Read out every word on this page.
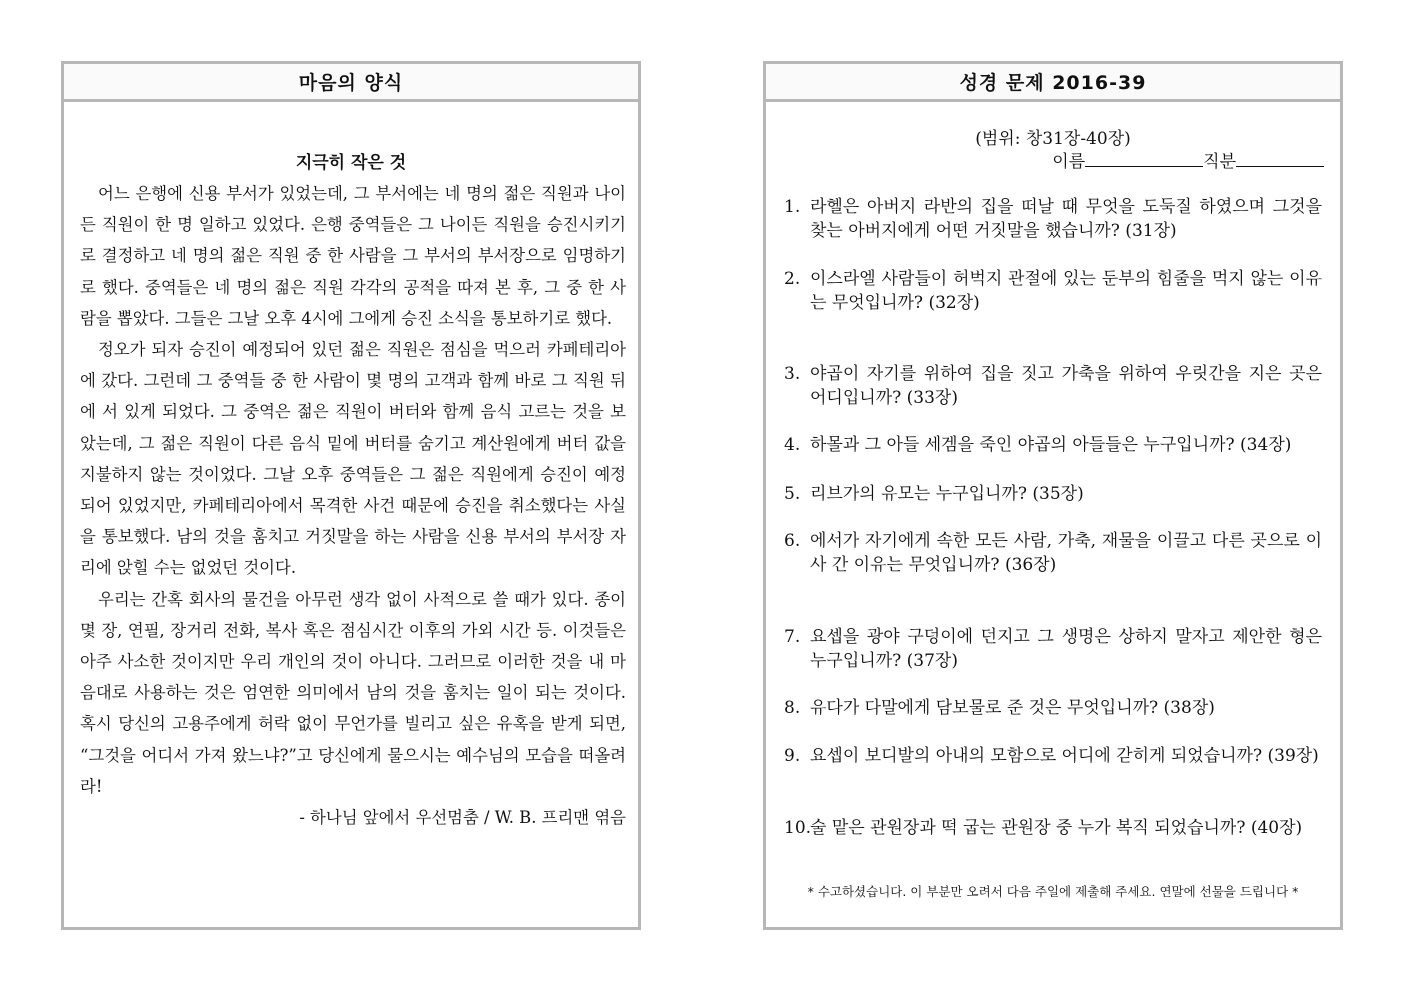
마음의 양식
지극히 작은 것

어느 은행에 신용 부서가 있었는데, 그 부서에는 네 명의 젊은 직원과 나이든 직원이 한 명 일하고 있었다. 은행 중역들은 그 나이든 직원을 승진시키기로 결정하고 네 명의 젊은 직원 중 한 사람을 그 부서의 부서장으로 임명하기로 했다. 중역들은 네 명의 젊은 직원 각각의 공적을 따져 본 후, 그 중 한 사람을 뽑았다. 그들은 그날 오후 4시에 그에게 승진 소식을 통보하기로 했다.

정오가 되자 승진이 예정되어 있던 젊은 직원은 점심을 먹으러 카페테리아에 갔다. 그런데 그 중역들 중 한 사람이 몇 명의 고객과 함께 바로 그 직원 뒤에 서 있게 되었다. 그 중역은 젊은 직원이 버터와 함께 음식 고르는 것을 보았는데, 그 젊은 직원이 다른 음식 밑에 버터를 숨기고 계산원에게 버터 값을 지불하지 않는 것이었다. 그날 오후 중역들은 그 젊은 직원에게 승진이 예정되어 있었지만, 카페테리아에서 목격한 사건 때문에 승진을 취소했다는 사실을 통보했다. 남의 것을 훔치고 거짓말을 하는 사람을 신용 부서의 부서장 자리에 앉힐 수는 없었던 것이다.

우리는 간혹 회사의 물건을 아무런 생각 없이 사적으로 쓸 때가 있다. 종이 몇 장, 연필, 장거리 전화, 복사 혹은 점심시간 이후의 가외 시간 등. 이것들은 아주 사소한 것이지만 우리 개인의 것이 아니다. 그러므로 이러한 것을 내 마음대로 사용하는 것은 엄연한 의미에서 남의 것을 훔치는 일이 되는 것이다. 혹시 당신의 고용주에게 허락 없이 무언가를 빌리고 싶은 유혹을 받게 되면, “그것을 어디서 가져 왔느냐?”고 당신에게 물으시는 예수님의 모습을 떠올려라!

- 하나님 앞에서 우선멈춤 / W. B. 프리맨 엮음

성경 문제 2016-39
(범위: 창31장-40장)
이름	직분
1. 라헬은 아버지 라반의 집을 떠날 때 무엇을 도둑질 하였으며 그것을 찾는 아버지에게 어떤 거짓말을 했습니까? (31장)
2. 이스라엘 사람들이 허벅지 관절에 있는 둔부의 힘줄을 먹지 않는 이유는 무엇입니까? (32장)
3. 야곱이 자기를 위하여 집을 짓고 가축을 위하여 우릿간을 지은 곳은 어디입니까? (33장)
4. 하몰과 그 아들 세겜을 죽인 야곱의 아들들은 누구입니까? (34장)
5. 리브가의 유모는 누구입니까? (35장)
6. 에서가 자기에게 속한 모든 사람, 가축, 재물을 이끌고 다른 곳으로 이사 간 이유는 무엇입니까? (36장)
7. 요셉을 광야 구덩이에 던지고 그 생명은 상하지 말자고 제안한 형은 누구입니까? (37장)
8. 유다가 다말에게 담보물로 준 것은 무엇입니까? (38장)
9. 요셉이 보디발의 아내의 모함으로 어디에 갇히게 되었습니까? (39장)
10.
술 맡은 관원장과 떡 굽는 관원장 중 누가 복직 되었습니까? (40장)
* 수고하셨습니다. 이 부분만 오려서 다음 주일에 제출해 주세요. 연말에 선물을 드립니다 *
